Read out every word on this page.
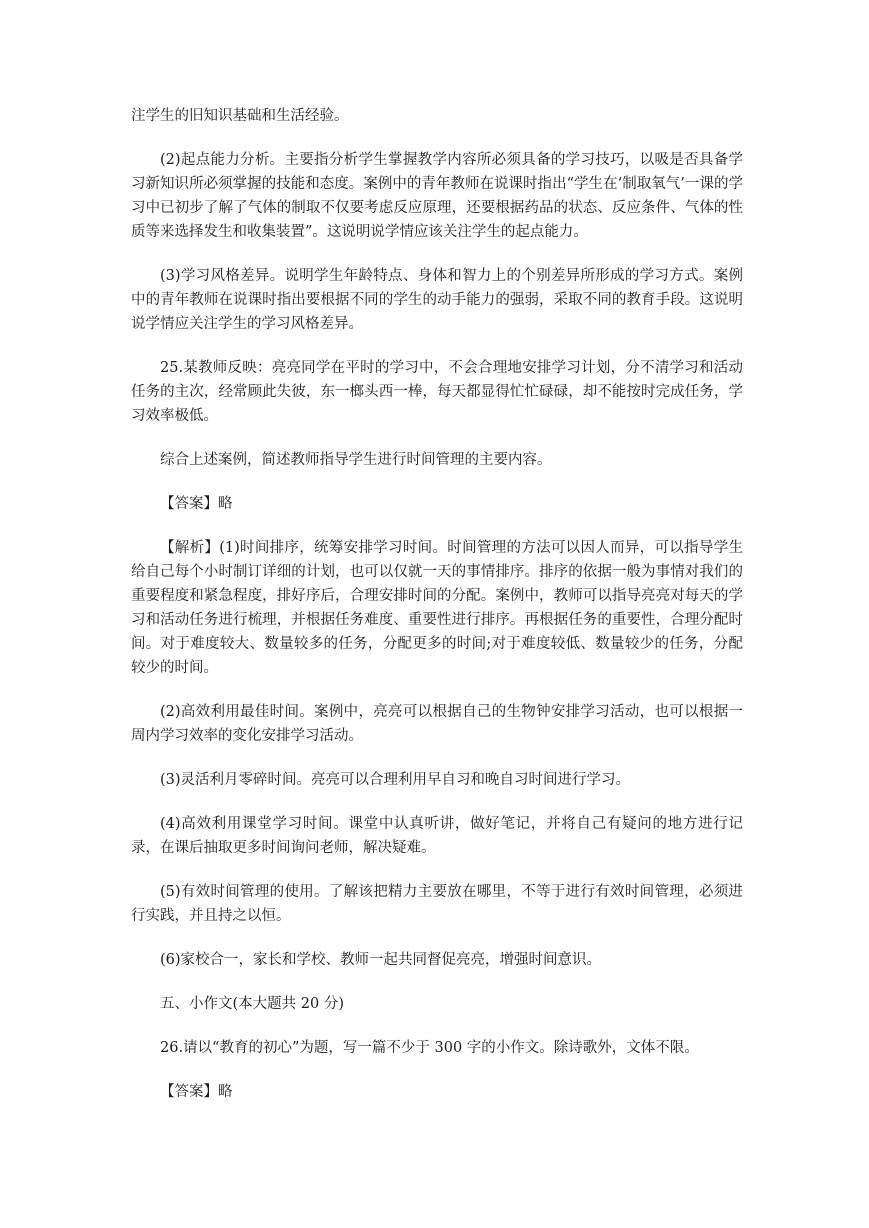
注学生的旧知识基础和生活经验。

(2)起点能力分析。主要指分析学生掌握教学内容所必须具备的学习技巧，以吸是否具备学习新知识所必须掌握的技能和态度。案例中的青年教师在说课时指出“学生在‘制取氧气’一课的学习中已初步了解了气体的制取不仅要考虑反应原理，还要根据药品的状态、反应条件、气体的性质等来选择发生和收集装置”。这说明说学情应该关注学生的起点能力。

(3)学习风格差异。说明学生年龄特点、身体和智力上的个别差异所形成的学习方式。案例中的青年教师在说课时指出要根据不同的学生的动手能力的强弱，采取不同的教育手段。这说明说学情应关注学生的学习风格差异。

25.某教师反映：亮亮同学在平时的学习中，不会合理地安排学习计划，分不清学习和活动任务的主次，经常顾此失彼，东一榔头西一棒，每天都显得忙忙碌碌，却不能按时完成任务，学习效率极低。

综合上述案例，简述教师指导学生进行时间管理的主要内容。

【答案】略

【解析】(1)时间排序，统筹安排学习时间。时间管理的方法可以因人而异，可以指导学生给自己每个小时制订详细的计划，也可以仅就一天的事情排序。排序的依据一般为事情对我们的重要程度和紧急程度，排好序后，合理安排时间的分配。案例中，教师可以指导亮亮对每天的学习和活动任务进行梳理，并根据任务难度、重要性进行排序。再根据任务的重要性，合理分配时间。对于难度较大、数量较多的任务，分配更多的时间;对于难度较低、数量较少的任务，分配较少的时间。

(2)高效利用最佳时间。案例中，亮亮可以根据自己的生物钟安排学习活动，也可以根据一周内学习效率的变化安排学习活动。

(3)灵活利月零碎时间。亮亮可以合理利用早自习和晚自习时间进行学习。

(4)高效利用课堂学习时间。课堂中认真听讲，做好笔记，并将自己有疑问的地方进行记录，在课后抽取更多时间询问老师，解决疑难。

(5)有效时间管理的使用。了解该把精力主要放在哪里，不等于进行有效时间管理，必须进行实践，并且持之以恒。

(6)家校合一，家长和学校、教师一起共同督促亮亮，增强时间意识。

五、小作文(本大题共 20 分)

26.请以“教育的初心”为题，写一篇不少于 300 字的小作文。除诗歌外，文体不限。

【答案】略
